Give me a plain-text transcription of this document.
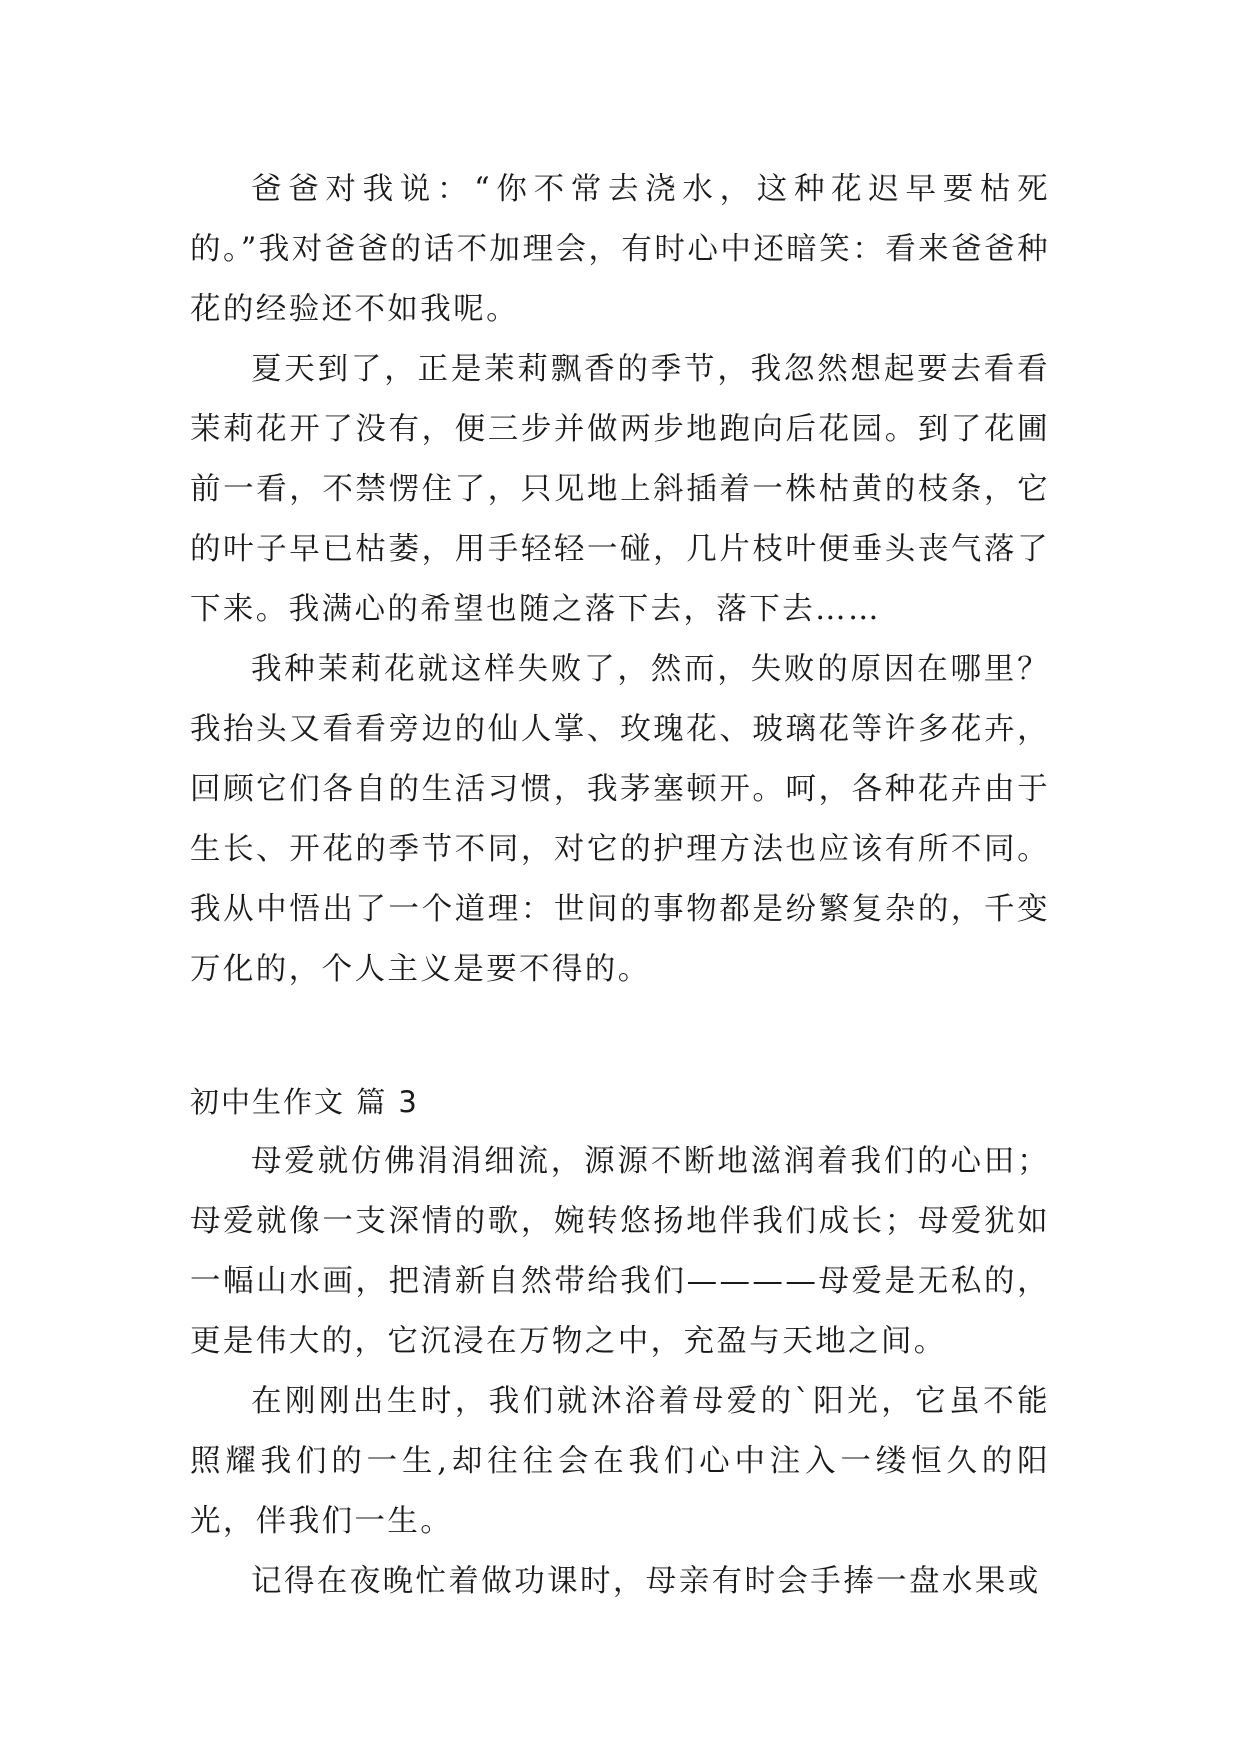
爸爸对我说：“你不常去浇水，这种花迟早要枯死的。”我对爸爸的话不加理会，有时心中还暗笑：看来爸爸种花的经验还不如我呢。

夏天到了，正是茉莉飘香的季节，我忽然想起要去看看茉莉花开了没有，便三步并做两步地跑向后花园。到了花圃前一看，不禁愣住了，只见地上斜插着一株枯黄的枝条，它的叶子早已枯萎，用手轻轻一碰，几片枝叶便垂头丧气落了下来。我满心的希望也随之落下去，落下去……

我种茉莉花就这样失败了，然而，失败的原因在哪里？我抬头又看看旁边的仙人掌、玫瑰花、玻璃花等许多花卉，回顾它们各自的生活习惯，我茅塞顿开。呵，各种花卉由于生长、开花的季节不同，对它的护理方法也应该有所不同。我从中悟出了一个道理：世间的事物都是纷繁复杂的，千变万化的，个人主义是要不得的。

初中生作文 篇 3

母爱就仿佛涓涓细流，源源不断地滋润着我们的心田；母爱就像一支深情的歌，婉转悠扬地伴我们成长；母爱犹如一幅山水画，把清新自然带给我们————母爱是无私的，更是伟大的，它沉浸在万物之中，充盈与天地之间。

在刚刚出生时，我们就沐浴着母爱的`阳光，它虽不能照耀我们的一生,却往往会在我们心中注入一缕恒久的阳光，伴我们一生。

记得在夜晚忙着做功课时，母亲有时会手捧一盘水果或
